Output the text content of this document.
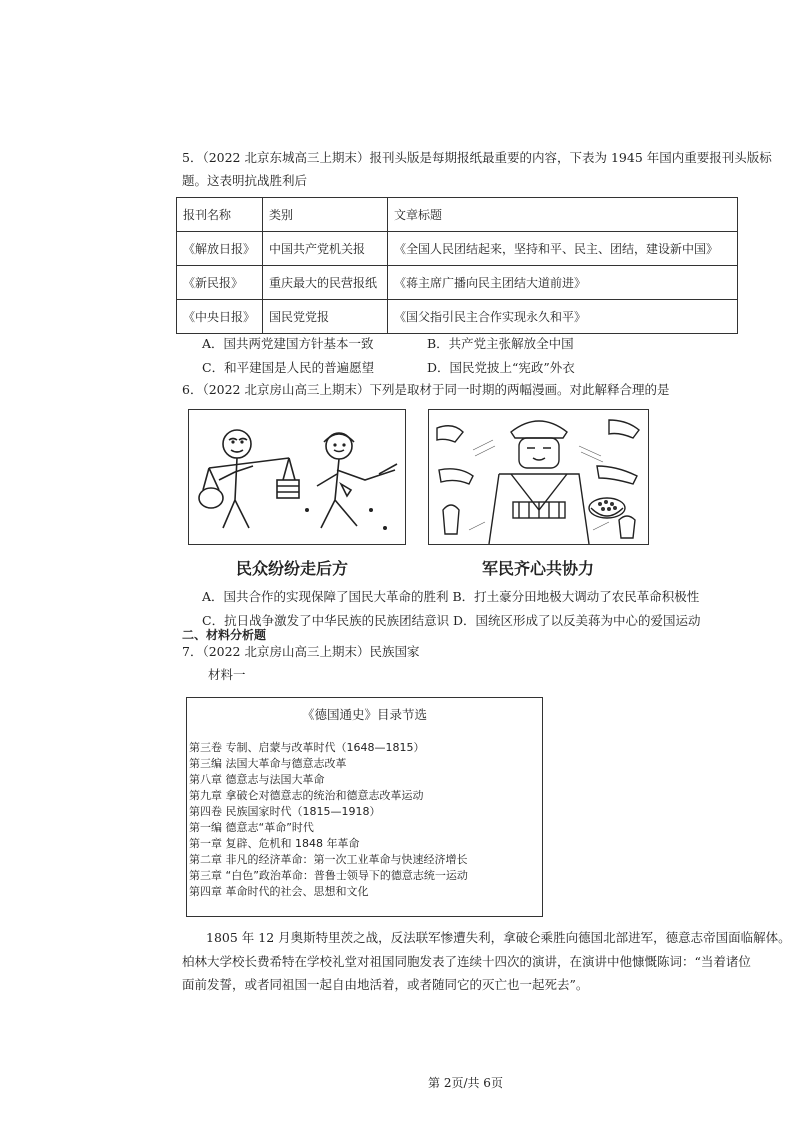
5．（2022 北京东城高三上期末）报刊头版是每期报纸最重要的内容，下表为 1945 年国内重要报刊头版标
题。这表明抗战胜利后
报刊名称	类别	文章标题
《解放日报》	中国共产党机关报	《全国人民团结起来，坚持和平、民主、团结，建设新中国》
《新民报》	重庆最大的民营报纸	《蒋主席广播向民主团结大道前进》
《中央日报》	国民党党报	《国父指引民主合作实现永久和平》
A．国共两党建国方针基本一致	B．共产党主张解放全中国
C．和平建国是人民的普遍愿望	D．国民党披上“宪政”外衣
6．（2022 北京房山高三上期末）下列是取材于同一时期的两幅漫画。对此解释合理的是
民众纷纷走后方	军民齐心共协力
A．国共合作的实现保障了国民大革命的胜利 B．打土豪分田地极大调动了农民革命积极性
C．抗日战争激发了中华民族的民族团结意识 D．国统区形成了以反美蒋为中心的爱国运动
二、材料分析题
7．（2022 北京房山高三上期末）民族国家
材料一
《德国通史》目录节选
第三卷 专制、启蒙与改革时代（1648—1815）
第三编 法国大革命与德意志改革
第八章 德意志与法国大革命
第九章 拿破仑对德意志的统治和德意志改革运动
第四卷 民族国家时代（1815—1918）
第一编 德意志“革命”时代
第一章 复辟、危机和 1848 年革命
第二章 非凡的经济革命：第一次工业革命与快速经济增长
第三章 “白色”政治革命：普鲁士领导下的德意志统一运动
第四章 革命时代的社会、思想和文化
1805 年 12 月奥斯特里茨之战，反法联军惨遭失利，拿破仑乘胜向德国北部进军，德意志帝国面临解体。
柏林大学校长费希特在学校礼堂对祖国同胞发表了连续十四次的演讲，在演讲中他慷慨陈词：“当着诸位
面前发誓，或者同祖国一起自由地活着，或者随同它的灭亡也一起死去”。
第 2页/共 6页
